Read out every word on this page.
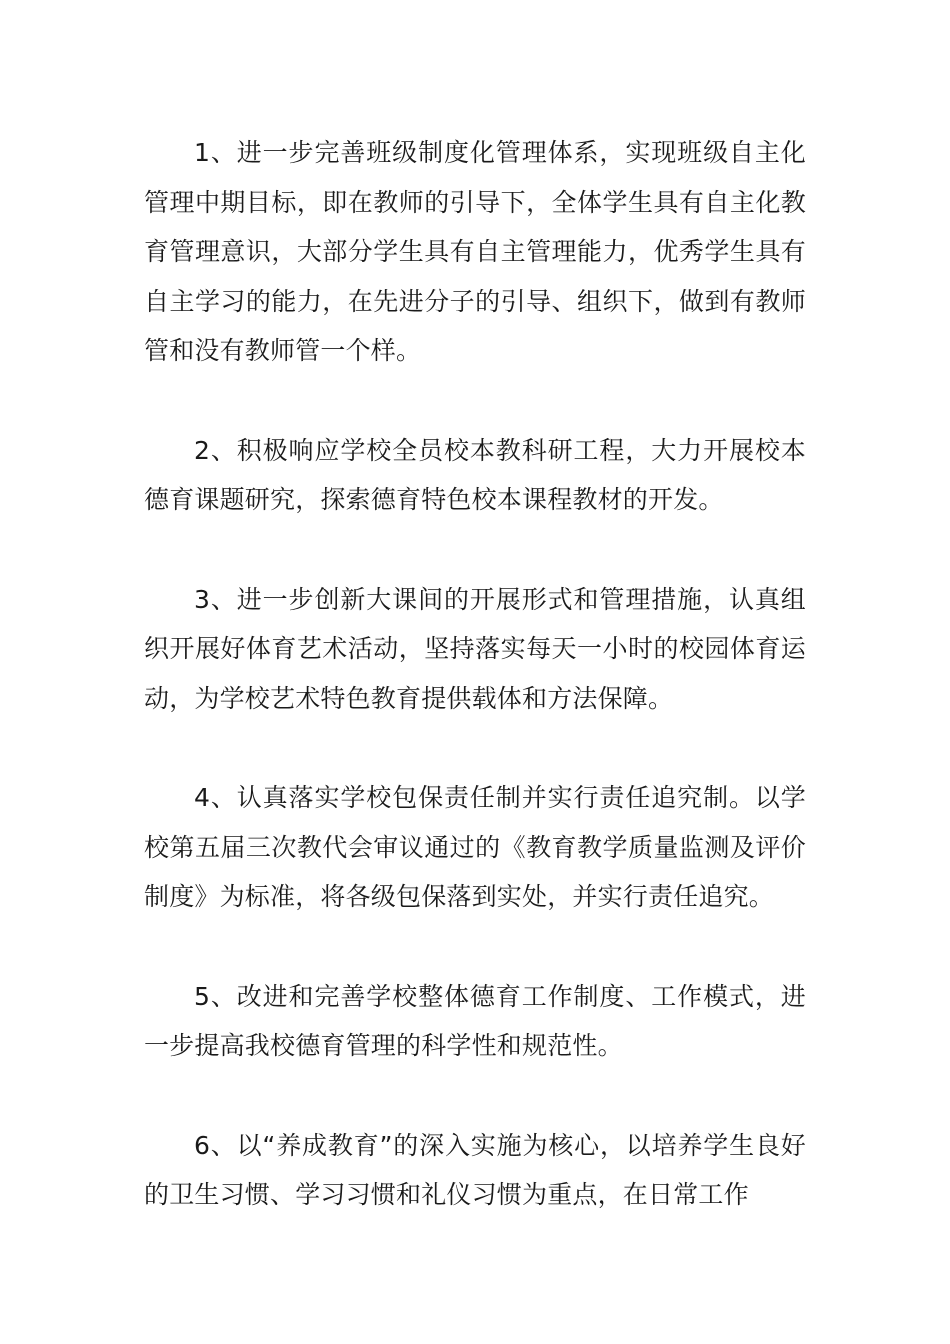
1、进一步完善班级制度化管理体系，实现班级自主化管理中期目标，即在教师的引导下，全体学生具有自主化教育管理意识，大部分学生具有自主管理能力，优秀学生具有自主学习的能力，在先进分子的引导、组织下，做到有教师管和没有教师管一个样。

2、积极响应学校全员校本教科研工程，大力开展校本德育课题研究，探索德育特色校本课程教材的开发。

3、进一步创新大课间的开展形式和管理措施，认真组织开展好体育艺术活动，坚持落实每天一小时的校园体育运动，为学校艺术特色教育提供载体和方法保障。

4、认真落实学校包保责任制并实行责任追究制。以学校第五届三次教代会审议通过的《教育教学质量监测及评价制度》为标准，将各级包保落到实处，并实行责任追究。

5、改进和完善学校整体德育工作制度、工作模式，进一步提高我校德育管理的科学性和规范性。

6、以“养成教育”的深入实施为核心，以培养学生良好的卫生习惯、学习习惯和礼仪习惯为重点，在日常工作
